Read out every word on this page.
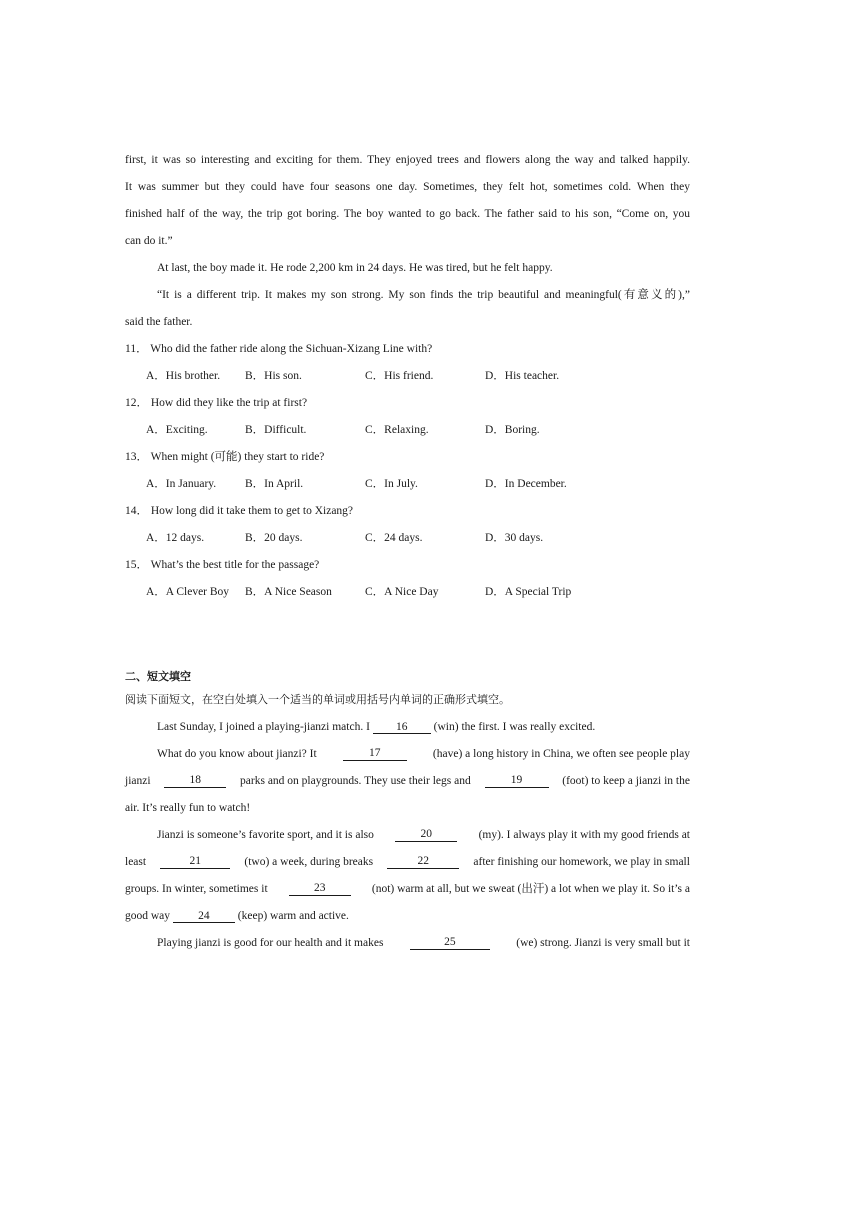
first, it was so interesting and exciting for them. They enjoyed trees and flowers along the way and talked happily.
It was summer but they could have four seasons one day. Sometimes, they felt hot, sometimes cold. When they
finished half of the way, the trip got boring. The boy wanted to go back. The father said to his son, “Come on, you
can do it.”
At last, the boy made it. He rode 2,200 km in 24 days. He was tired, but he felt happy.
“It is a different trip. It makes my son strong. My son finds the trip beautiful and meaningful(有意义的),”
said the father.
11． Who did the father ride along the Sichuan-Xizang Line with?
A．His brother. B．His son.	C．His friend.	D．His teacher.
12． How did they like the trip at first?
A．Exciting.	B．Difficult.	C．Relaxing.	D．Boring.
13． When might (可能) they start to ride?
A．In January.	B．In April.	C．In July.	D．In December.
14． How long did it take them to get to Xizang?
A．12 days.	B．20 days.	C．24 days.	D．30 days.
15． What’s the best title for the passage?
A．A Clever Boy B．A Nice Season	C．A Nice Day	D．A Special Trip
二、短文填空
阅读下面短文，在空白处填入一个适当的单词或用括号内单词的正确形式填空。
Last Sunday, I joined a playing-jianzi match. I 16 (win) the first. I was really excited.
What do you know about jianzi? It	17	(have) a long history in China, we often see people play
jianzi	18	parks and on playgrounds. They use their legs and	19	(foot) to keep a jianzi in the
air. It’s really fun to watch!
Jianzi is someone’s favorite sport, and it is also	20	(my). I always play it with my good friends at
least	21	(two) a week, during breaks	22	after finishing our homework, we play in small
groups. In winter, sometimes it	23	(not) warm at all, but we sweat (出汗) a lot when we play it. So it’s a
good way 24 (keep) warm and active.
Playing jianzi is good for our health and it makes	25	(we) strong. Jianzi is very small but it
